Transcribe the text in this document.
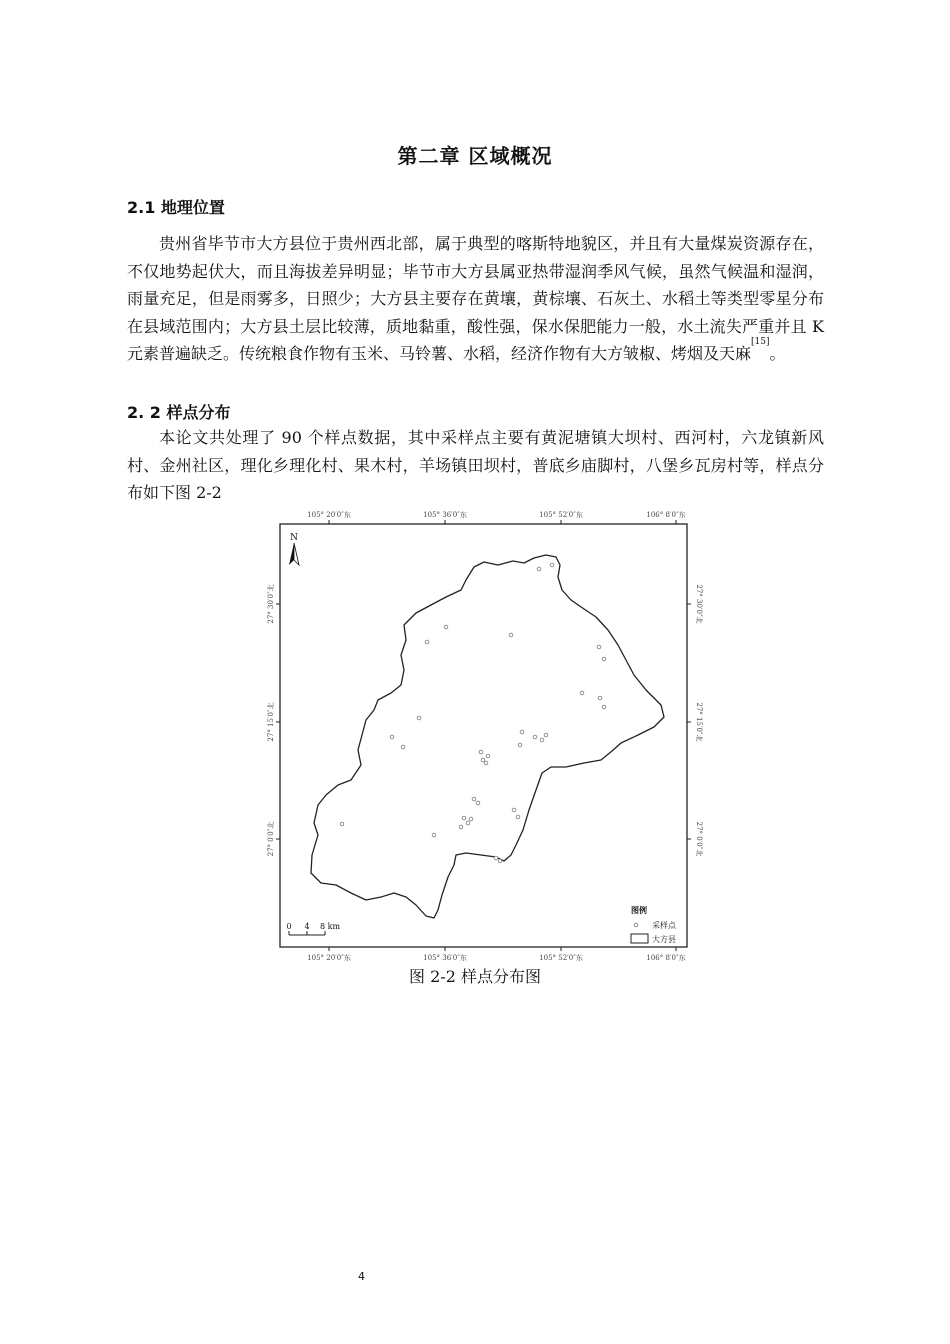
第二章 区域概况
2.1 地理位置

贵州省毕节市大方县位于贵州西北部，属于典型的喀斯特地貌区，并且有大量煤炭资源存在，不仅地势起伏大，而且海拔差异明显；毕节市大方县属亚热带湿润季风气候，虽然气候温和湿润，雨量充足，但是雨雾多，日照少；大方县主要存在黄壤，黄棕壤、石灰土、水稻土等类型零星分布在县域范围内；大方县土层比较薄，质地黏重，酸性强，保水保肥能力一般，水土流失严重并且 K 元素普遍缺乏。传统粮食作物有玉米、马铃薯、水稻，经济作物有大方皱椒、烤烟及天麻[15]。

2. 2 样点分布

本论文共处理了 90 个样点数据，其中采样点主要有黄泥塘镇大坝村、西河村，六龙镇新风村、金州社区，理化乡理化村、果木村，羊场镇田坝村，普底乡庙脚村，八堡乡瓦房村等，样点分布如下图 2-2

105° 20′0″东	105° 36′0″东	105° 52′0″东	106° 8′0″东
105° 20′0″东	105° 36′0″东	105° 52′0″东	106° 8′0″东
27° 30′0″北
27° 15′0″北
27° 0′0″北
27° 30′0″北
27° 15′0″北
27° 0′0″北
N
0 4 8 km
图例
采样点
大方县
图 2-2 样点分布图
4
